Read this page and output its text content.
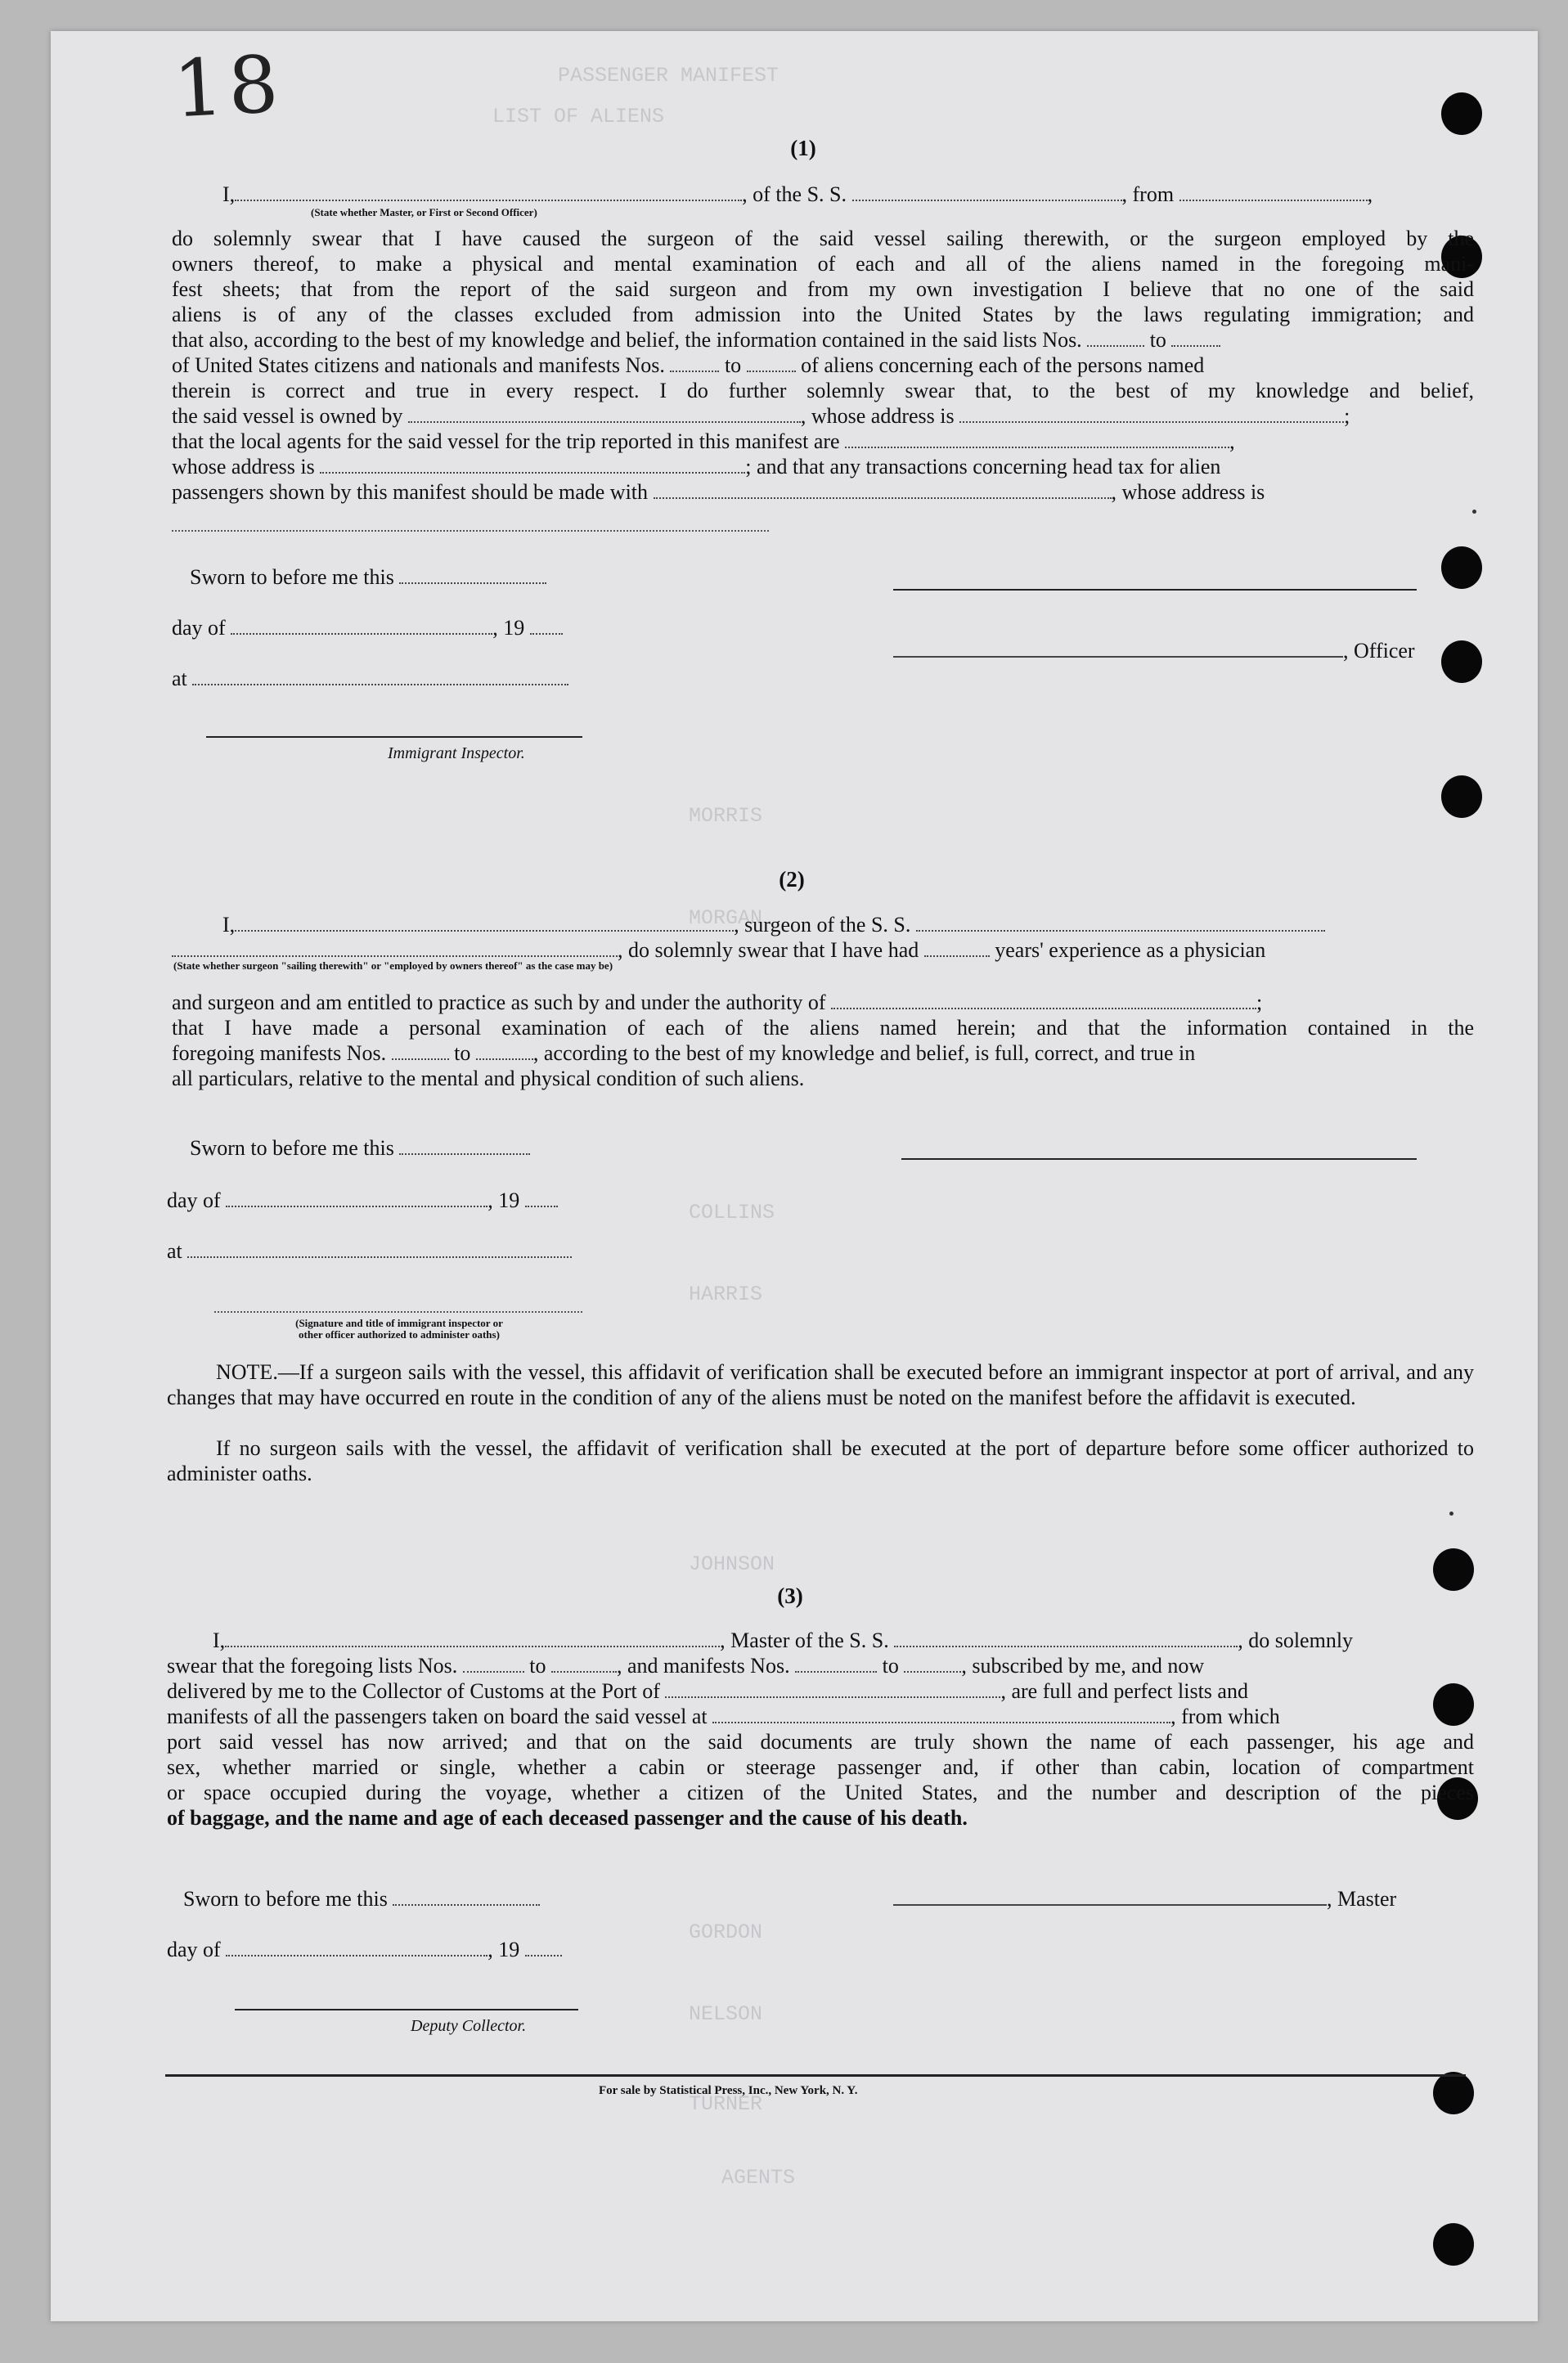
18	PASSENGER MANIFEST
LIST OF ALIENS
MORRIS
MORGAN
COLLINS
HARRIS
JOHNSON
GORDON
NELSON
TURNER
AGENTS
(1)
I,	, of the S. S.	, from	,
(State whether Master, or First or Second Officer)
do solemnly swear that I have caused the surgeon of the said vessel sailing therewith, or the surgeon employed by the
owners thereof, to make a physical and mental examination of each and all of the aliens named in the foregoing mani-
fest sheets; that from the report of the said surgeon and from my own investigation I believe that no one of the said
aliens is of any of the classes excluded from admission into the United States by the laws regulating immigration; and
that also, according to the best of my knowledge and belief, the information contained in the said lists Nos.	to
of United States citizens and nationals and manifests Nos.	to	of aliens concerning each of the persons named
therein is correct and true in every respect. I do further solemnly swear that, to the best of my knowledge and belief,
the said vessel is owned by	, whose address is	;
that the local agents for the said vessel for the trip reported in this manifest are	,
whose address is	; and that any transactions concerning head tax for alien
passengers shown by this manifest should be made with	, whose address is
Sworn to before me this
day of	, 19
, Officer
at
Immigrant Inspector.
(2)
I,	, surgeon of the S. S.
, do solemnly swear that I have had	years' experience as a physician
(State whether surgeon "sailing therewith" or "employed by owners thereof" as the case may be)
and surgeon and am entitled to practice as such by and under the authority of	;
that I have made a personal examination of each of the aliens named herein; and that the information contained in the
foregoing manifests Nos.	to	, according to the best of my knowledge and belief, is full, correct, and true in
all particulars, relative to the mental and physical condition of such aliens.
Sworn to before me this
day of	, 19
at
(Signature and title of immigrant inspector or
other officer authorized to administer oaths)
NOTE.—If a surgeon sails with the vessel, this affidavit of verification shall be executed before an immigrant inspector at port of arrival, and any changes that may have occurred en route in the condition of any of the aliens must be noted on the manifest before the affidavit is executed.
If no surgeon sails with the vessel, the affidavit of verification shall be executed at the port of departure before some officer authorized to administer oaths.
(3)
I,	, Master of the S. S.	, do solemnly
swear that the foregoing lists Nos.	to	, and manifests Nos.	to	, subscribed by me, and now
delivered by me to the Collector of Customs at the Port of	, are full and perfect lists and
manifests of all the passengers taken on board the said vessel at	, from which
port said vessel has now arrived; and that on the said documents are truly shown the name of each passenger, his age and
sex, whether married or single, whether a cabin or steerage passenger and, if other than cabin, location of compartment
or space occupied during the voyage, whether a citizen of the United States, and the number and description of the pieces
of baggage, and the name and age of each deceased passenger and the cause of his death.
Sworn to before me this	, Master
day of	, 19
Deputy Collector.
For sale by Statistical Press, Inc., New York, N. Y.
